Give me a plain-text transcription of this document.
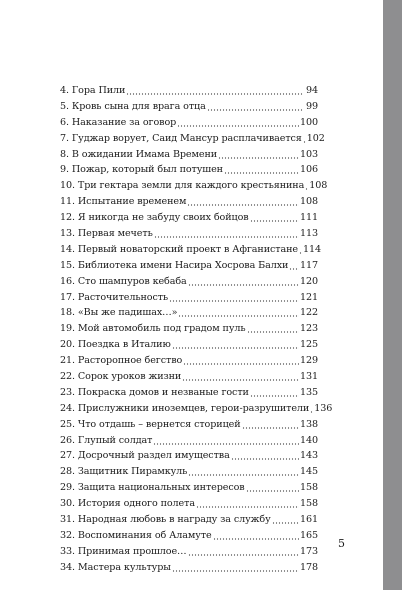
4. Гора Пили	94
5. Кровь сына для врага отца	99
6. Наказание за оговор	100
7. Гуджар ворует, Саид Мансур расплачивается 102
8. В ожидании Имама Времени	103
9. Пожар, который был потушен	106
10. Три гектара земли для каждого крестьянина 108
11. Испытание временем	108
12. Я никогда не забуду своих бойцов	111
13. Первая мечеть	113
14. Первый новаторский проект в Афганистане 114
15. Библиотека имени Насира Хосрова Балхи 117
16. Сто шампуров кебаба	120
17. Расточительность	121
18. «Вы же падишах…»	122
19. Мой автомобиль под градом пуль	123
20. Поездка в Италию	125
21. Расторопное бегство	129
22. Сорок уроков жизни	131
23. Покраска домов и незваные гости	135
24. Прислужники иноземцев, герои-разрушители 136
25. Что отдашь – вернется сторицей	138
26. Глупый солдат	140
27. Досрочный раздел имущества	143
28. Защитник Пирамкуль	145
29. Защита национальных интересов	158
30. История одного полета	158
31. Народная любовь в награду за службу	161
32. Воспоминания об Аламуте	165
33. Принимая прошлое…	173
34. Мастера культуры	178
5
